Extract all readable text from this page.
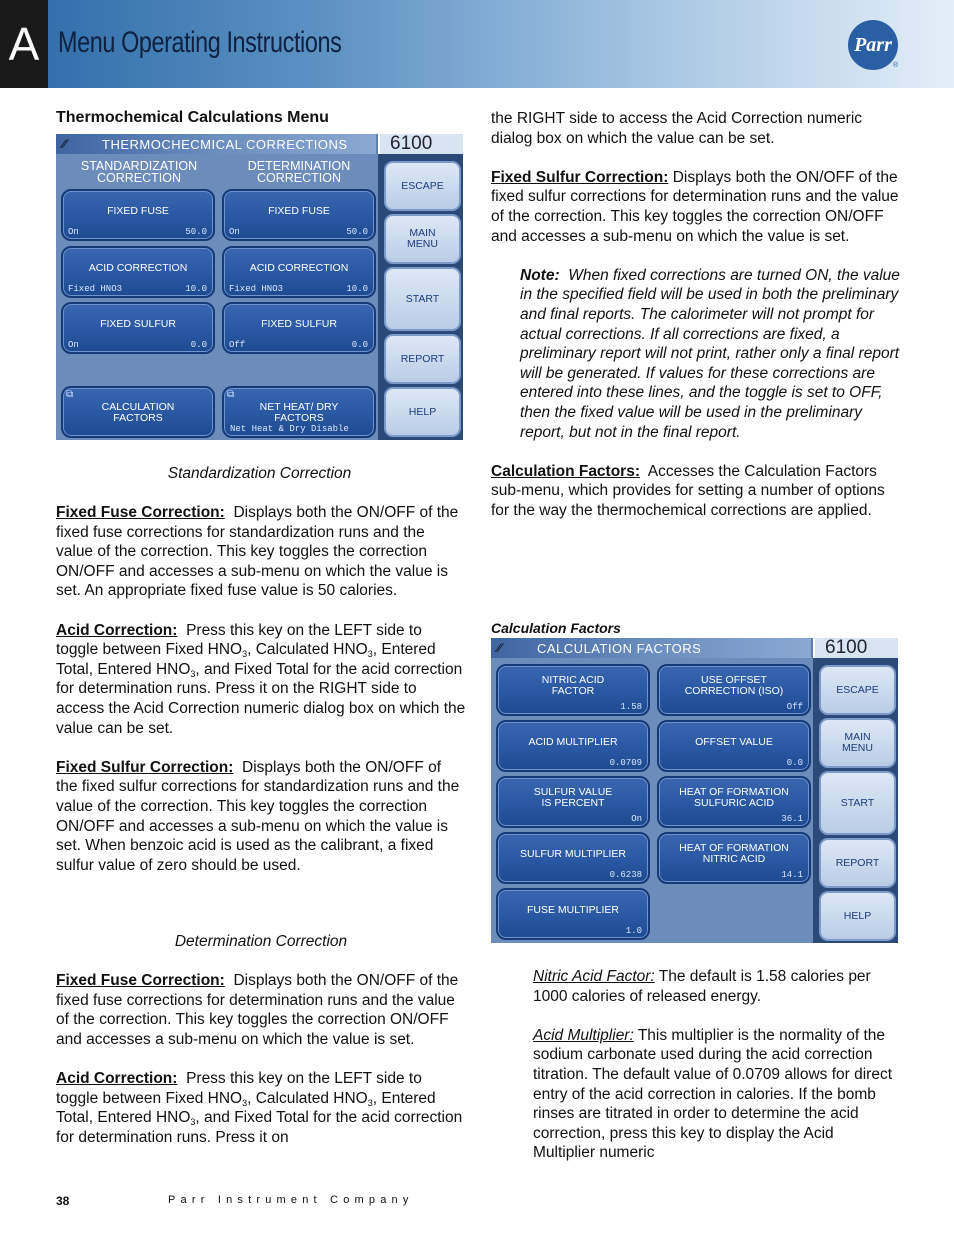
A Menu Operating Instructions	Parr
®
Thermochemical Calculations Menu
⁄⁄	THERMOCHECMICAL CORRECTIONS	6100
STANDARDIZATION
CORRECTION
DETERMINATION
CORRECTION
FIXED FUSE
On	50.0
FIXED FUSE
On	50.0
ACID CORRECTION
Fixed HNO3	10.0
ACID CORRECTION
Fixed HNO3	10.0
FIXED SULFUR
On	0.0
FIXED SULFUR
Off	0.0
⧉
CALCULATION
FACTORS
⧉
NET HEAT/ DRY
FACTORS
Net Heat & Dry Disable
ESCAPE
MAIN
MENU
START
REPORT
HELP
Standardization Correction

Fixed Fuse Correction: Displays both the ON/OFF of the fixed fuse corrections for standardization runs and the value of the correction. This key toggles the correction ON/OFF and accesses a sub-menu on which the value is set. An appropriate fixed fuse value is 50 calories.

Acid Correction: Press this key on the LEFT side to toggle between Fixed $HNO_3$, Calculated $HNO_3$, Entered Total, Entered $HNO_3$, and Fixed Total for the acid correction for determination runs. Press it on the RIGHT side to access the Acid Correction numeric dialog box on which the value can be set.

Fixed Sulfur Correction: Displays both the ON/OFF of the fixed sulfur corrections for standardization runs and the value of the correction. This key toggles the correction ON/OFF and accesses a sub-menu on which the value is set. When benzoic acid is used as the calibrant, a fixed sulfur value of zero should be used.

Determination Correction

Fixed Fuse Correction: Displays both the ON/OFF of the fixed fuse corrections for determination runs and the value of the correction. This key toggles the correction ON/OFF and accesses a sub-menu on which the value is set.

Acid Correction: Press this key on the LEFT side to toggle between Fixed $HNO_3$, Calculated $HNO_3$, Entered Total, Entered $HNO_3$, and Fixed Total for the acid correction for determination runs. Press it on

the RIGHT side to access the Acid Correction numeric dialog box on which the value can be set.

Fixed Sulfur Correction: Displays both the ON/OFF of the fixed sulfur corrections for determination runs and the value of the correction. This key toggles the correction ON/OFF and accesses a sub-menu on which the value is set.

Note: When fixed corrections are turned ON, the value in the specified field will be used in both the preliminary and final reports. The calorimeter will not prompt for actual corrections. If all corrections are fixed, a preliminary report will not print, rather only a final report will be generated. If values for these corrections are entered into these lines, and the toggle is set to OFF, then the fixed value will be used in the preliminary report, but not in the final report.

Calculation Factors: Accesses the Calculation Factors sub-menu, which provides for setting a number of options for the way the thermochemical corrections are applied.

Calculation Factors
⁄⁄	CALCULATION FACTORS	6100
NITRIC ACID
FACTOR
1.58
USE OFFSET
CORRECTION (ISO)
Off
ACID MULTIPLIER
0.0709
OFFSET VALUE
0.0
SULFUR VALUE
IS PERCENT
On
HEAT OF FORMATION
SULFURIC ACID
36.1
SULFUR MULTIPLIER
0.6238
HEAT OF FORMATION
NITRIC ACID
14.1
FUSE MULTIPLIER
1.0
ESCAPE
MAIN
MENU
START
REPORT
HELP

Nitric Acid Factor: The default is 1.58 calories per 1000 calories of released energy.

Acid Multiplier: This multiplier is the normality of the sodium carbonate used during the acid correction titration. The default value of 0.0709 allows for direct entry of the acid correction in calories. If the bomb rinses are titrated in order to determine the acid correction, press this key to display the Acid Multiplier numeric

38	Parr Instrument Company
